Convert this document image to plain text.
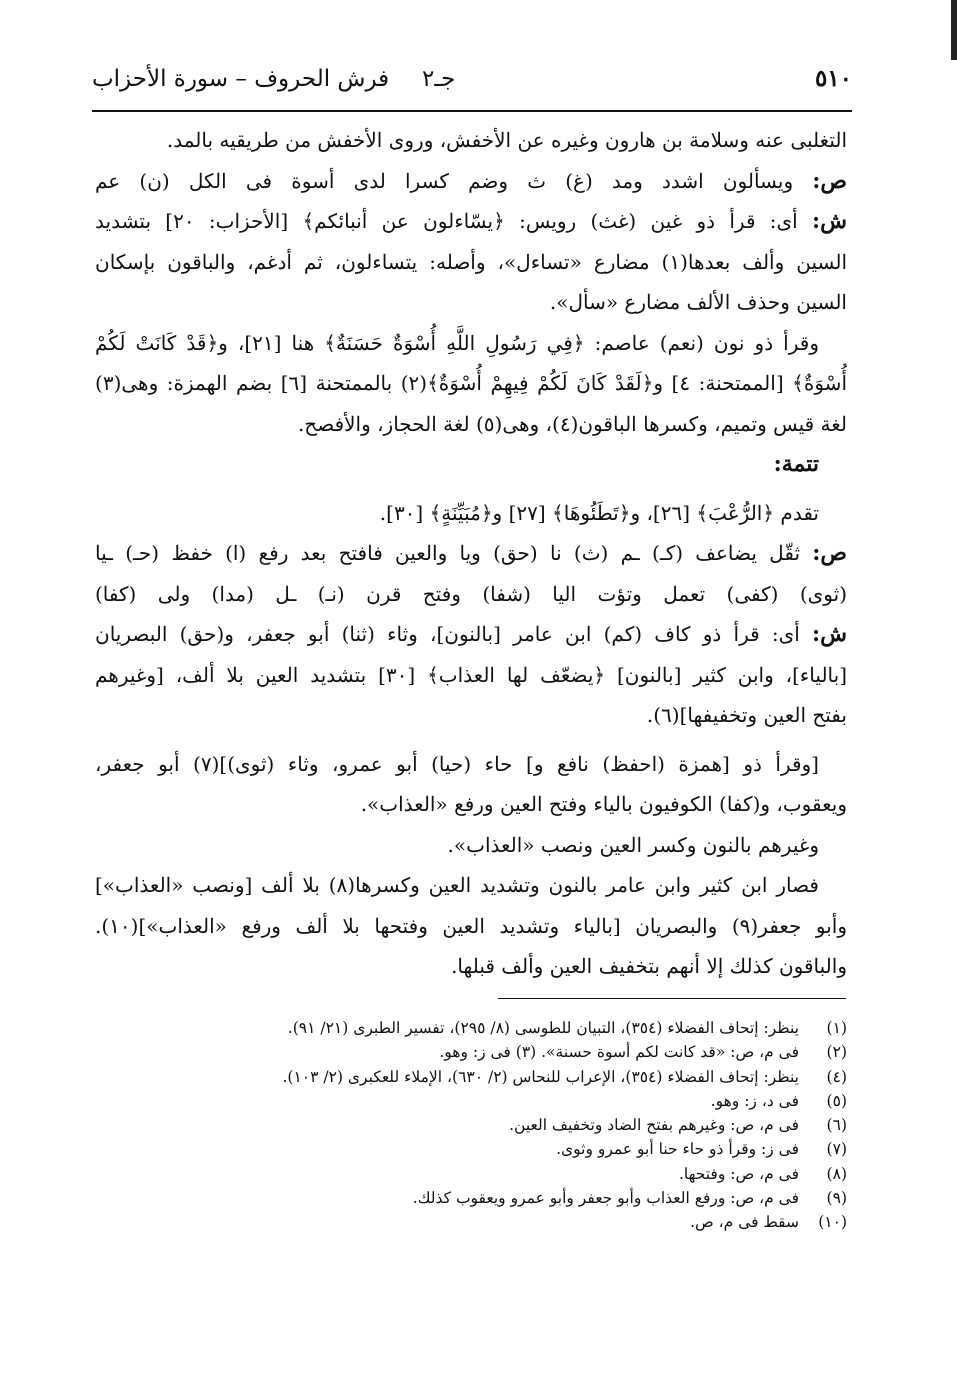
٥١٠
جـ٢
فرش الحروف – سورة الأحزاب
التغلبى عنه وسلامة بن هارون وغيره عن الأخفش، وروى الأخفش من طريقيه بالمد.
ص: ويسألون اشدد ومد (غ) ث وضم كسرا لدى أسوة فى الكل (ن) عم
ش: أى: قرأ ذو غين (غث) رويس: ﴿يسّاءلون عن أنبائكم﴾ [الأحزاب: ٢٠] بتشديد
السين وألف بعدها(١) مضارع «تساءل»، وأصله: يتساءلون، ثم أدغم، والباقون بإسكان
السين وحذف الألف مضارع «سأل».
وقرأ ذو نون (نعم) عاصم: ﴿فِي رَسُولِ اللَّهِ أُسْوَةٌ حَسَنَةٌ﴾ هنا [٢١]، و﴿قَدْ كَانَتْ لَكُمْ
أُسْوَةٌ﴾ [الممتحنة: ٤] و﴿لَقَدْ كَانَ لَكُمْ فِيهِمْ أُسْوَةٌ﴾(٢) بالممتحنة [٦] بضم الهمزة: وهى(٣)
لغة قيس وتميم، وكسرها الباقون(٤)، وهى(٥) لغة الحجاز، والأفصح.
تتمة:
تقدم ﴿الرُّعْبَ﴾ [٢٦]، و﴿تَطَئُوهَا﴾ [٢٧] و﴿مُبَيِّنَةٍ﴾ [٣٠].
ص: ثقّل يضاعف (كـ) ـم (ث) نا (حق) ويا والعين فافتح بعد رفع (ا) خفظ (حـ) ـيا
(ثوى) (كفى) تعمل وتؤت اليا (شفا) وفتح قرن (نـ) ـل (مدا) ولى (كفا)
ش: أى: قرأ ذو كاف (كم) ابن عامر [بالنون]، وثاء (ثنا) أبو جعفر، و(حق) البصريان
[بالياء]، وابن كثير [بالنون] ﴿يضعّف لها العذاب﴾ [٣٠] بتشديد العين بلا ألف، [وغيرهم
بفتح العين وتخفيفها](٦).
[وقرأ ذو [همزة (احفظ) نافع و] حاء (حيا) أبو عمرو، وثاء (ثوى)](٧) أبو جعفر،
ويعقوب، و(كفا) الكوفيون بالياء وفتح العين ورفع «العذاب».
وغيرهم بالنون وكسر العين ونصب «العذاب».
فصار ابن كثير وابن عامر بالنون وتشديد العين وكسرها(٨) بلا ألف [ونصب «العذاب»]
وأبو جعفر(٩) والبصريان [بالياء وتشديد العين وفتحها بلا ألف ورفع «العذاب»](١٠).
والباقون كذلك إلا أنهم بتخفيف العين وألف قبلها.
(١)ينظر: إتحاف الفضلاء (٣٥٤)، التبيان للطوسى (٨/ ٢٩٥)، تفسير الطبرى (٢١/ ٩١).
(٢)فى م، ص: «قد كانت لكم أسوة حسنة». (٣) فى ز: وهو.
(٤)ينظر: إتحاف الفضلاء (٣٥٤)، الإعراب للنحاس (٢/ ٦٣٠)، الإملاء للعكبرى (٢/ ١٠٣).
(٥)فى د، ز: وهو.
(٦)فى م، ص: وغيرهم بفتح الضاد وتخفيف العين.
(٧)فى ز: وقرأ ذو حاء حنا أبو عمرو وثوى.
(٨)فى م، ص: وفتحها.
(٩)فى م، ص: ورفع العذاب وأبو جعفر وأبو عمرو ويعقوب كذلك.
(١٠)سقط فى م، ص.
